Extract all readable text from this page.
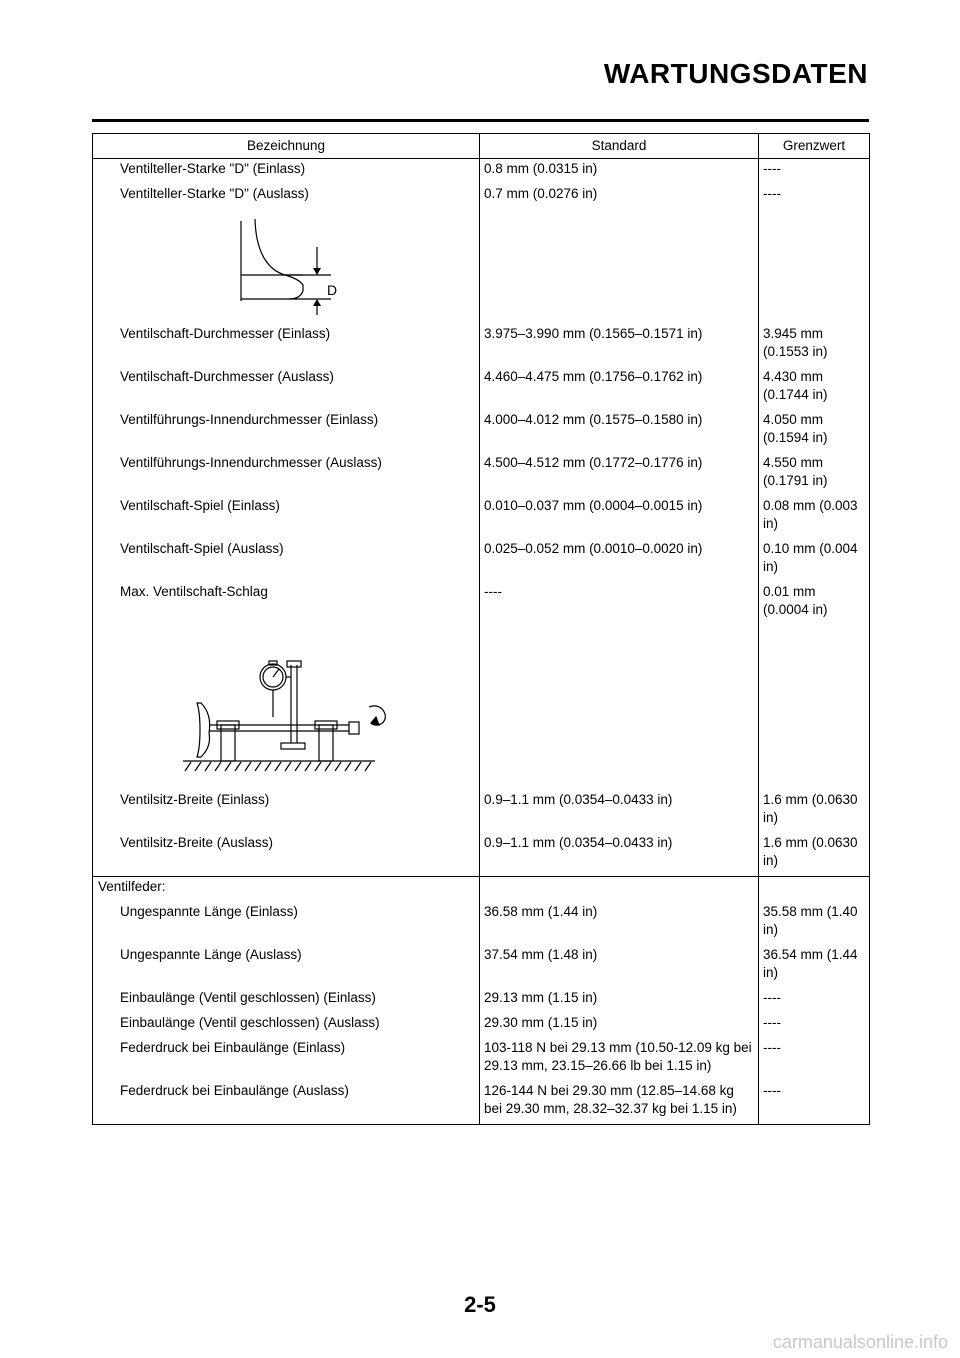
WARTUNGSDATEN
Bezeichnung	Standard	Grenzwert
Ventilteller-Starke "D" (Einlass)	0.8 mm (0.0315 in)	----
Ventilteller-Starke "D" (Auslass)	0.7 mm (0.0276 in)	----

D		

Ventilschaft-Durchmesser (Einlass)	3.975–3.990 mm (0.1565–0.1571 in)	3.945 mm (0.1553 in)
Ventilschaft-Durchmesser (Auslass)	4.460–4.475 mm (0.1756–0.1762 in)	4.430 mm (0.1744 in)
Ventilführungs-Innendurchmesser (Einlass)	4.000–4.012 mm (0.1575–0.1580 in)	4.050 mm (0.1594 in)
Ventilführungs-Innendurchmesser (Auslass)	4.500–4.512 mm (0.1772–0.1776 in)	4.550 mm (0.1791 in)
Ventilschaft-Spiel (Einlass)	0.010–0.037 mm (0.0004–0.0015 in)	0.08 mm (0.003 in)
Ventilschaft-Spiel (Auslass)	0.025–0.052 mm (0.0010–0.0020 in)	0.10 mm (0.004 in)
Max. Ventilschaft-Schlag	----	0.01 mm (0.0004 in)

Ventilsitz-Breite (Einlass)	0.9–1.1 mm (0.0354–0.0433 in)	1.6 mm (0.0630 in)
Ventilsitz-Breite (Auslass)	0.9–1.1 mm (0.0354–0.0433 in)	1.6 mm (0.0630 in)
Ventilfeder:		
Ungespannte Länge (Einlass)	36.58 mm (1.44 in)	35.58 mm (1.40 in)
Ungespannte Länge (Auslass)	37.54 mm (1.48 in)	36.54 mm (1.44 in)
Einbaulänge (Ventil geschlossen) (Einlass)	29.13 mm (1.15 in)	----
Einbaulänge (Ventil geschlossen) (Auslass)	29.30 mm (1.15 in)	----
Federdruck bei Einbaulänge (Einlass)	103-118 N bei 29.13 mm (10.50-12.09 kg bei 29.13 mm, 23.15–26.66 lb bei 1.15 in)	----
Federdruck bei Einbaulänge (Auslass)	126-144 N bei 29.30 mm (12.85–14.68 kg bei 29.30 mm, 28.32–32.37 kg bei 1.15 in)	----
2-5
carmanualsonline.info
